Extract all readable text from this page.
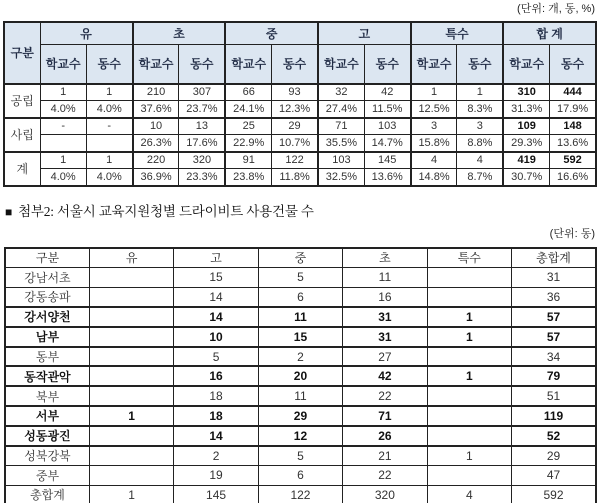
(단위: 개, 동, %)
구분	유		초		중		고		특수		합 계	
	학교수	동수	학교수	동수	학교수	동수	학교수	동수	학교수	동수	학교수	동수
공립	1	1	210	307	66	93	32	42	1	1	310	444
	4.0%	4.0%	37.6%	23.7%	24.1%	12.3%	27.4%	11.5%	12.5%	8.3%	31.3%	17.9%
사립	-	-	10	13	25	29	71	103	3	3	109	148
			26.3%	17.6%	22.9%	10.7%	35.5%	14.7%	15.8%	8.8%	29.3%	13.6%
계	1	1	220	320	91	122	103	145	4	4	419	592
	4.0%	4.0%	36.9%	23.3%	23.8%	11.8%	32.5%	13.6%	14.8%	8.7%	30.7%	16.6%
■ 첨부2: 서울시 교육지원청별 드라이비트 사용건물 수
(단위: 동)
구분	유	고	중	초	특수	총합계
강남서초		15	5	11		31
강동송파		14	6	16		36
강서양천		14	11	31	1	57
남부		10	15	31	1	57
동부		5	2	27		34
동작관악		16	20	42	1	79
북부		18	11	22		51
서부	1	18	29	71		119
성동광진		14	12	26		52
성북강북		2	5	21	1	29
중부		19	6	22		47
총합계	1	145	122	320	4	592
